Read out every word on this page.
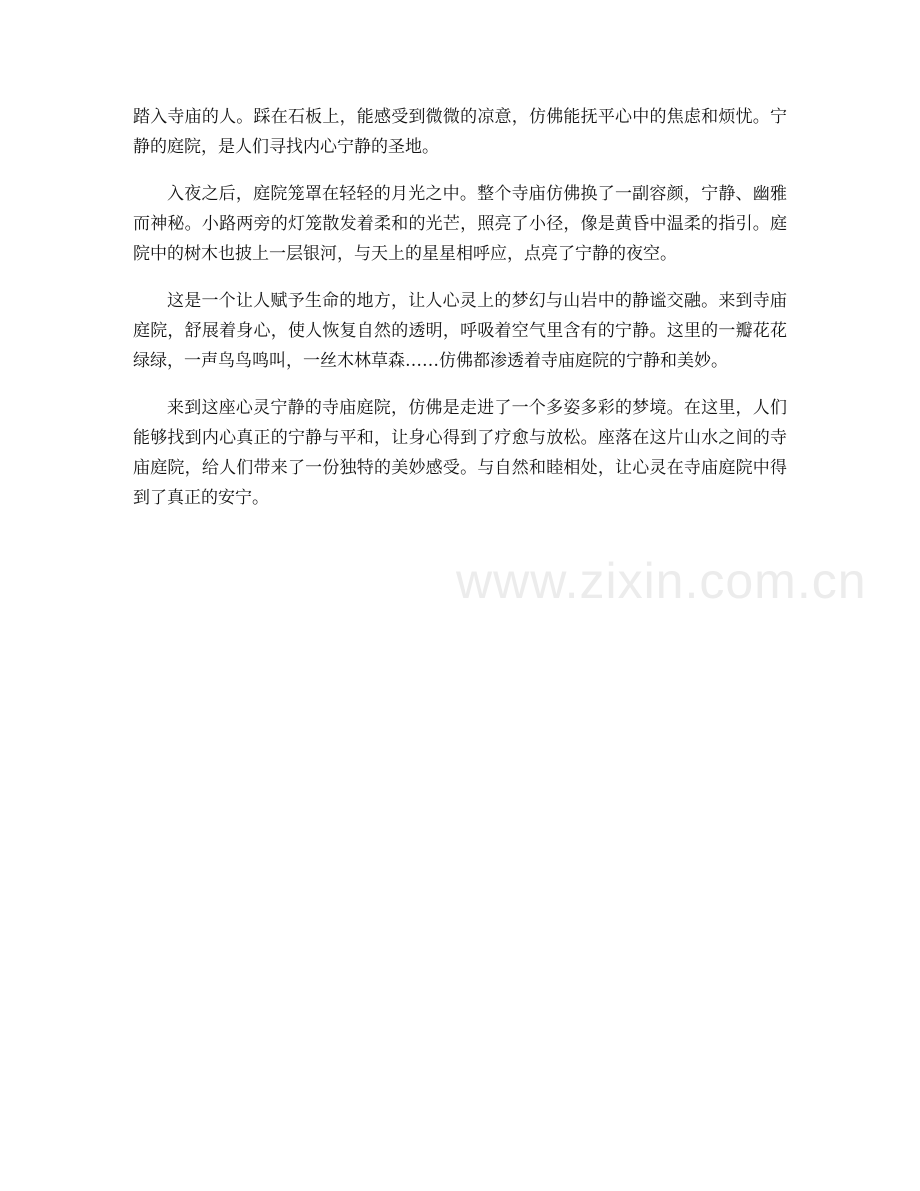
www.zixin.com.cn

踏入寺庙的人。踩在石板上，能感受到微微的凉意，仿佛能抚平心中的焦虑和烦忧。宁静的庭院，是人们寻找内心宁静的圣地。

入夜之后，庭院笼罩在轻轻的月光之中。整个寺庙仿佛换了一副容颜，宁静、幽雅而神秘。小路两旁的灯笼散发着柔和的光芒，照亮了小径，像是黄昏中温柔的指引。庭院中的树木也披上一层银河，与天上的星星相呼应，点亮了宁静的夜空。

这是一个让人赋予生命的地方，让人心灵上的梦幻与山岩中的静谧交融。来到寺庙庭院，舒展着身心，使人恢复自然的透明，呼吸着空气里含有的宁静。这里的一瓣花花绿绿，一声鸟鸟鸣叫，一丝木林草森……仿佛都渗透着寺庙庭院的宁静和美妙。

来到这座心灵宁静的寺庙庭院，仿佛是走进了一个多姿多彩的梦境。在这里，人们能够找到内心真正的宁静与平和，让身心得到了疗愈与放松。座落在这片山水之间的寺庙庭院，给人们带来了一份独特的美妙感受。与自然和睦相处，让心灵在寺庙庭院中得到了真正的安宁。
